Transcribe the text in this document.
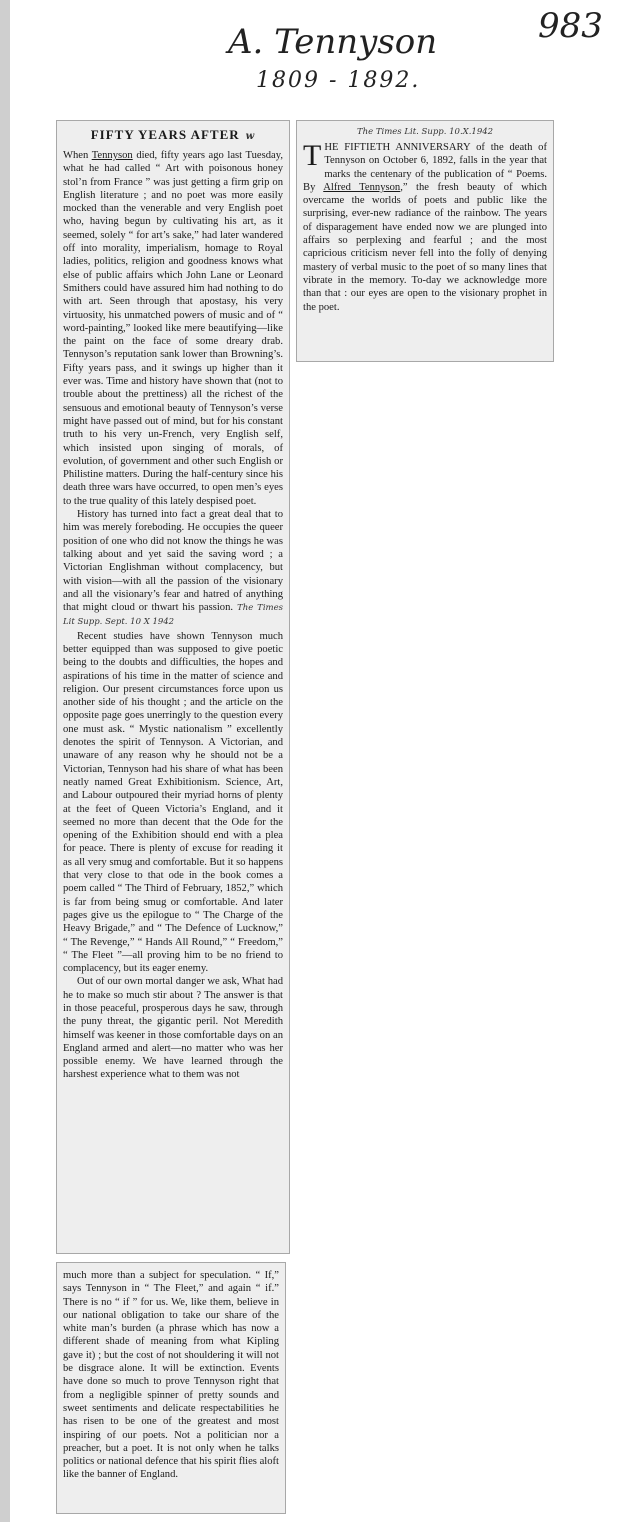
A. Tennyson
1809 - 1892.
983
FIFTY YEARS AFTER w

When Tennyson died, fifty years ago last Tuesday, what he had called “ Art with poisonous honey stol’n from France ” was just getting a firm grip on English literature ; and no poet was more easily mocked than the venerable and very English poet who, having begun by cultivating his art, as it seemed, solely “ for art’s sake,” had later wandered off into morality, imperialism, homage to Royal ladies, politics, religion and goodness knows what else of public affairs which John Lane or Leonard Smithers could have assured him had nothing to do with art. Seen through that apostasy, his very virtuosity, his unmatched powers of music and of “ word-painting,” looked like mere beautifying—like the paint on the face of some dreary drab. Tennyson’s reputation sank lower than Browning’s. Fifty years pass, and it swings up higher than it ever was. Time and history have shown that (not to trouble about the prettiness) all the richest of the sensuous and emotional beauty of Tennyson’s verse might have passed out of mind, but for his constant truth to his very un-French, very English self, which insisted upon singing of morals, of evolution, of government and other such English or Philistine matters. During the half-century since his death three wars have occurred, to open men’s eyes to the true quality of this lately despised poet.

History has turned into fact a great deal that to him was merely foreboding. He occupies the queer position of one who did not know the things he was talking about and yet said the saving word ; a Victorian Englishman without complacency, but with vision—with all the passion of the visionary and all the visionary’s fear and hatred of anything that might cloud or thwart his passion. The Times Lit Supp. Sept. 10 X 1942

Recent studies have shown Tennyson much better equipped than was supposed to give poetic being to the doubts and difficulties, the hopes and aspirations of his time in the matter of science and religion. Our present circumstances force upon us another side of his thought ; and the article on the opposite page goes unerringly to the question every one must ask. “ Mystic nationalism ” excellently denotes the spirit of Tennyson. A Victorian, and unaware of any reason why he should not be a Victorian, Tennyson had his share of what has been neatly named Great Exhibitionism. Science, Art, and Labour outpoured their myriad horns of plenty at the feet of Queen Victoria’s England, and it seemed no more than decent that the Ode for the opening of the Exhibition should end with a plea for peace. There is plenty of excuse for reading it as all very smug and comfortable. But it so happens that very close to that ode in the book comes a poem called “ The Third of February, 1852,” which is far from being smug or comfortable. And later pages give us the epilogue to “ The Charge of the Heavy Brigade,” and “ The Defence of Lucknow,” “ The Revenge,” “ Hands All Round,” “ Freedom,” “ The Fleet ”—all proving him to be no friend to complacency, but its eager enemy.

Out of our own mortal danger we ask, What had he to make so much stir about ? The answer is that in those peaceful, prosperous days he saw, through the puny threat, the gigantic peril. Not Meredith himself was keener in those comfortable days on an England armed and alert—no matter who was her possible enemy. We have learned through the harshest experience what to them was not

much more than a subject for speculation. “ If,” says Tennyson in “ The Fleet,” and again “ if.” There is no “ if ” for us. We, like them, believe in our national obligation to take our share of the white man’s burden (a phrase which has now a different shade of meaning from what Kipling gave it) ; but the cost of not shouldering it will not be disgrace alone. It will be extinction. Events have done so much to prove Tennyson right that from a negligible spinner of pretty sounds and sweet sentiments and delicate respectabilities he has risen to be one of the greatest and most inspiring of our poets. Not a politician nor a preacher, but a poet. It is not only when he talks politics or national defence that his spirit flies aloft like the banner of England.

The Times Lit. Supp. 10.X.1942

THE FIFTIETH ANNIVERSARY of the death of Tennyson on October 6, 1892, falls in the year that marks the centenary of the publication of “ Poems. By Alfred Tennyson,” the fresh beauty of which overcame the worlds of poets and public like the surprising, ever-new radiance of the rainbow. The years of disparagement have ended now we are plunged into affairs so perplexing and fearful ; and the most capricious criticism never fell into the folly of denying mastery of verbal music to the poet of so many lines that vibrate in the memory. To-day we acknowledge more than that : our eyes are open to the visionary prophet in the poet.
